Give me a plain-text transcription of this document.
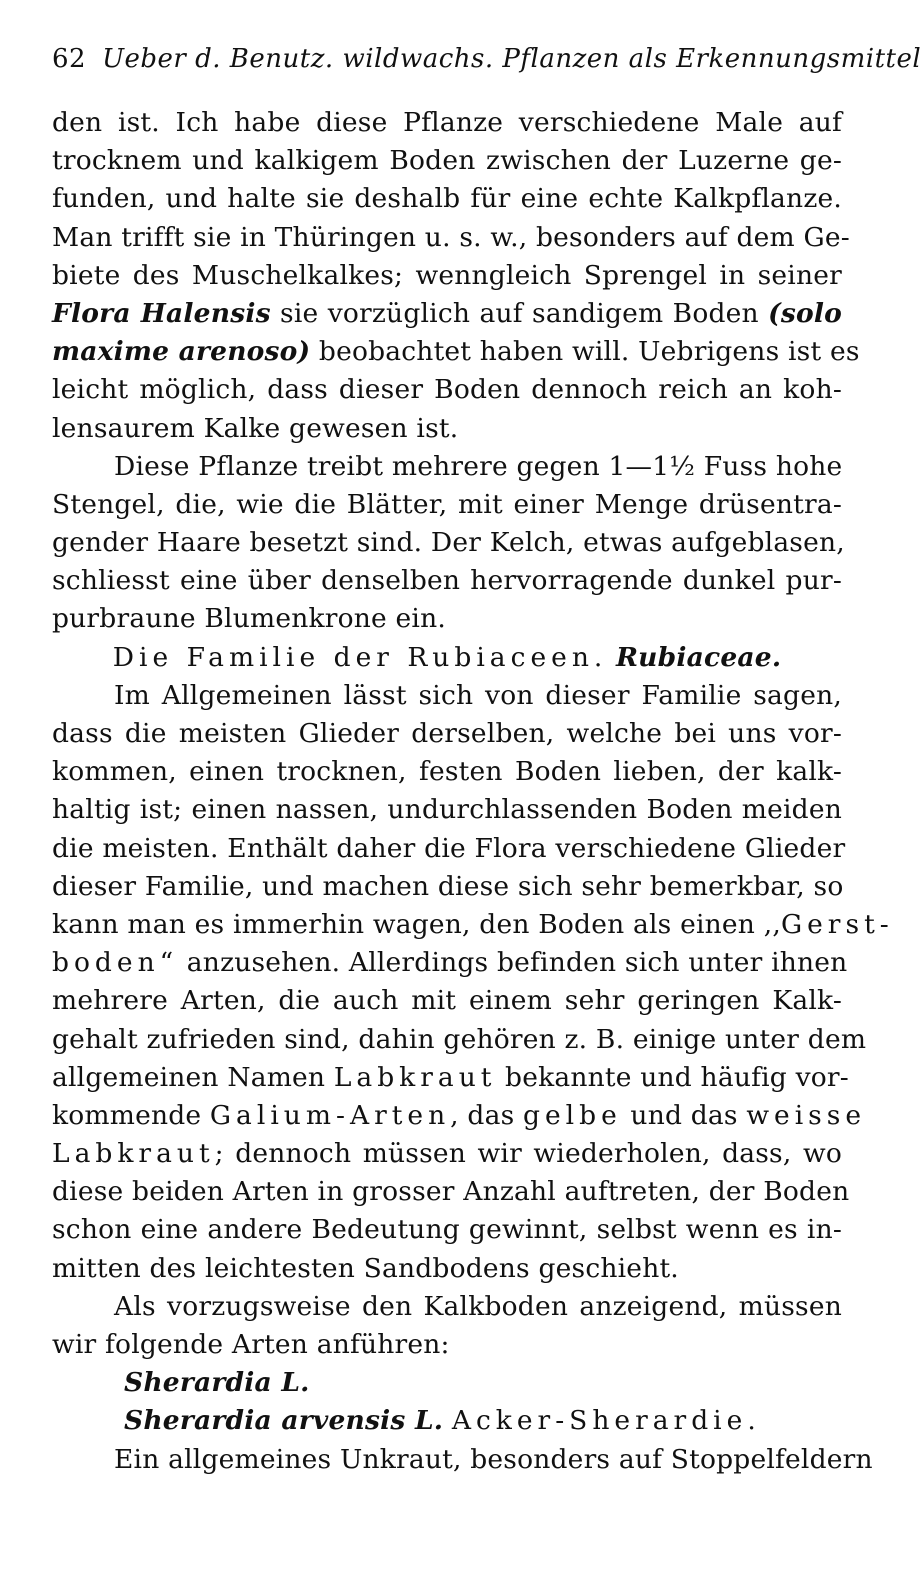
62 Ueber d. Benutz. wildwachs. Pflanzen als Erkennungsmittel
den ist. Ich habe diese Pflanze verschiedene Male auf
trocknem und kalkigem Boden zwischen der Luzerne ge-
funden, und halte sie deshalb für eine echte Kalkpflanze.
Man trifft sie in Thüringen u. s. w., besonders auf dem Ge-
biete des Muschelkalkes; wenngleich Sprengel in seiner
Flora Halensis sie vorzüglich auf sandigem Boden (solo
maxime arenoso) beobachtet haben will. Uebrigens ist es
leicht möglich, dass dieser Boden dennoch reich an koh-
lensaurem Kalke gewesen ist.
Diese Pflanze treibt mehrere gegen 1—1½ Fuss hohe
Stengel, die, wie die Blätter, mit einer Menge drüsentra-
gender Haare besetzt sind. Der Kelch, etwas aufgeblasen,
schliesst eine über denselben hervorragende dunkel pur-
purbraune Blumenkrone ein.
Die Familie der Rubiaceen. Rubiaceae.
Im Allgemeinen lässt sich von dieser Familie sagen,
dass die meisten Glieder derselben, welche bei uns vor-
kommen, einen trocknen, festen Boden lieben, der kalk-
haltig ist; einen nassen, undurchlassenden Boden meiden
die meisten. Enthält daher die Flora verschiedene Glieder
dieser Familie, und machen diese sich sehr bemerkbar, so
kann man es immerhin wagen, den Boden als einen ,,Gerst-
boden“ anzusehen. Allerdings befinden sich unter ihnen
mehrere Arten, die auch mit einem sehr geringen Kalk-
gehalt zufrieden sind, dahin gehören z. B. einige unter dem
allgemeinen Namen Labkraut bekannte und häufig vor-
kommende Galium-Arten, das gelbe und das weisse
Labkraut; dennoch müssen wir wiederholen, dass, wo
diese beiden Arten in grosser Anzahl auftreten, der Boden
schon eine andere Bedeutung gewinnt, selbst wenn es in-
mitten des leichtesten Sandbodens geschieht.
Als vorzugsweise den Kalkboden anzeigend, müssen
wir folgende Arten anführen:
Sherardia L.
Sherardia arvensis L. Acker-Sherardie.
Ein allgemeines Unkraut, besonders auf Stoppelfeldern
